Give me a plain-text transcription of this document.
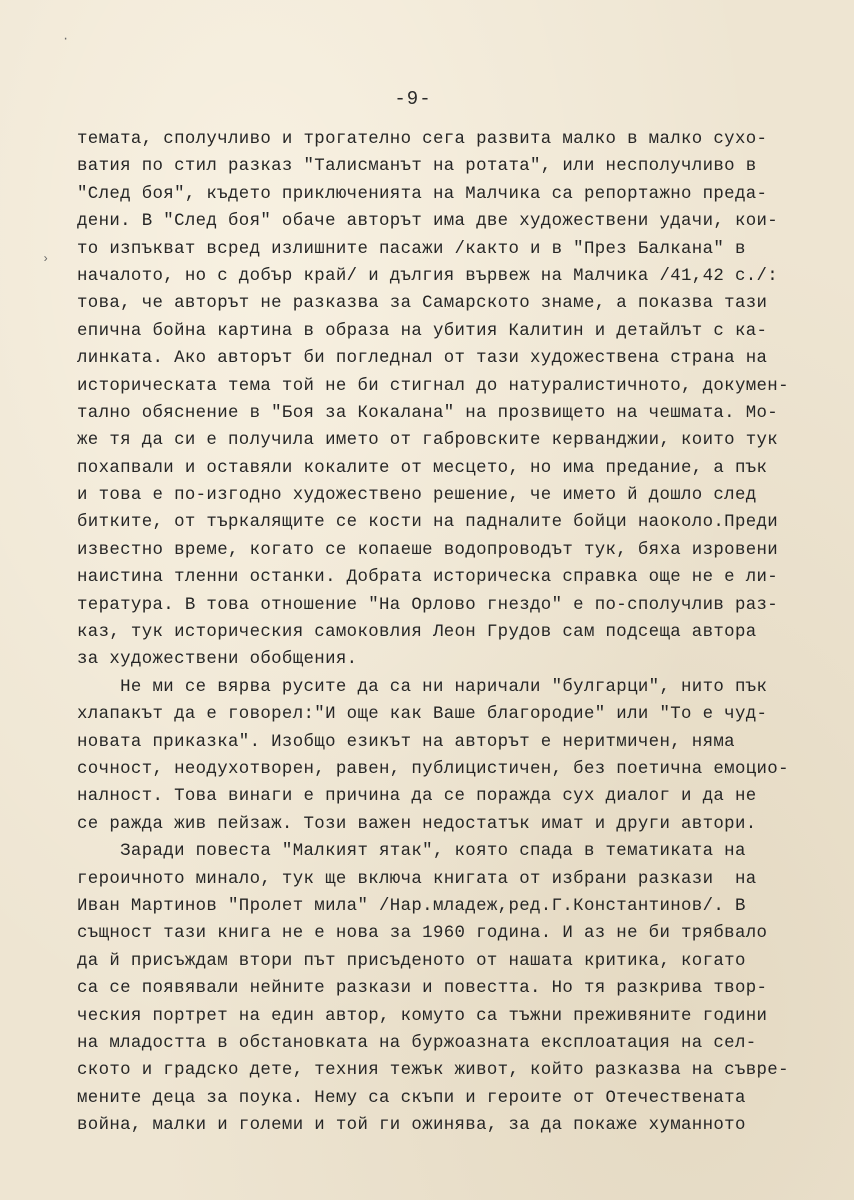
-9-
темата, сполучливо и трогателно сега развита малко в малко сухо-
ватия по стил разказ "Талисманът на ротата", или несполучливо в
"След боя", където приключенията на Малчика са репортажно преда-
дени. В "След боя" обаче авторът има две художествени удачи, кои-
то изпъкват всред излишните пасажи /както и в "През Балкана" в
началото, но с добър край/ и дългия вървеж на Малчика /41,42 с./:
това, че авторът не разказва за Самарското знаме, а показва тази
епична бойна картина в образа на убития Калитин и детайлът с ка-
линката. Ако авторът би погледнал от тази художествена страна на
историческата тема той не би стигнал до натуралистичното, докумен-
тално обяснение в "Боя за Кокалана" на прозвището на чешмата. Мо-
же тя да си е получила името от габровските керванджии, които тук
похапвали и оставяли кокалите от месцето, но има предание, а пък
и това е по-изгодно художествено решение, че името й дошло след
битките, от търкалящите се кости на падналите бойци наоколо.Преди
известно време, когато се копаеше водопроводът тук, бяха изровени
наистина тленни останки. Добрата историческа справка още не е ли-
тература. В това отношение "На Орлово гнездо" е по-сполучлив раз-
каз, тук историческия самоковлия Леон Грудов сам подсеща автора
за художествени обобщения.
Не ми се вярва руситe да са ни наричали "булгарци", нито пък
хлапакът да е говорел:"И още как Ваше благородие" или "То е чуд-
новата приказка". Изобщо езикът на авторът е неритмичен, няма
сочност, неодухотворен, равен, публицистичен, без поетична емоцио-
налност. Това винаги е причина да се поражда сух диалог и да не
се ражда жив пейзаж. Този важен недостатък имат и други автори.
Заради повеста "Малкият ятак", която спада в тематиката на
героичното минало, тук ще включа книгата от избрани разкази  на
Иван Мартинов "Пролет мила" /Нар.младеж,ред.Г.Константинов/. В
същност тази книга не е нова за 1960 година. И аз не би трябвало
да й присъждам втори път присъденото от нашата критика, когато
са се появявали нейните разкази и повестта. Но тя разкрива твор-
ческия портрет на един автор, комуто са тъжни преживяните години
на младостта в обстановката на буржоазната експлоатация на сел-
ското и градско дете, техния тежък живот, който разказва на съвре-
мените деца за поука. Нему са скъпи и героите от Отечествената
война, малки и големи и той ги ожинява, за да покаже хуманното
·
›
